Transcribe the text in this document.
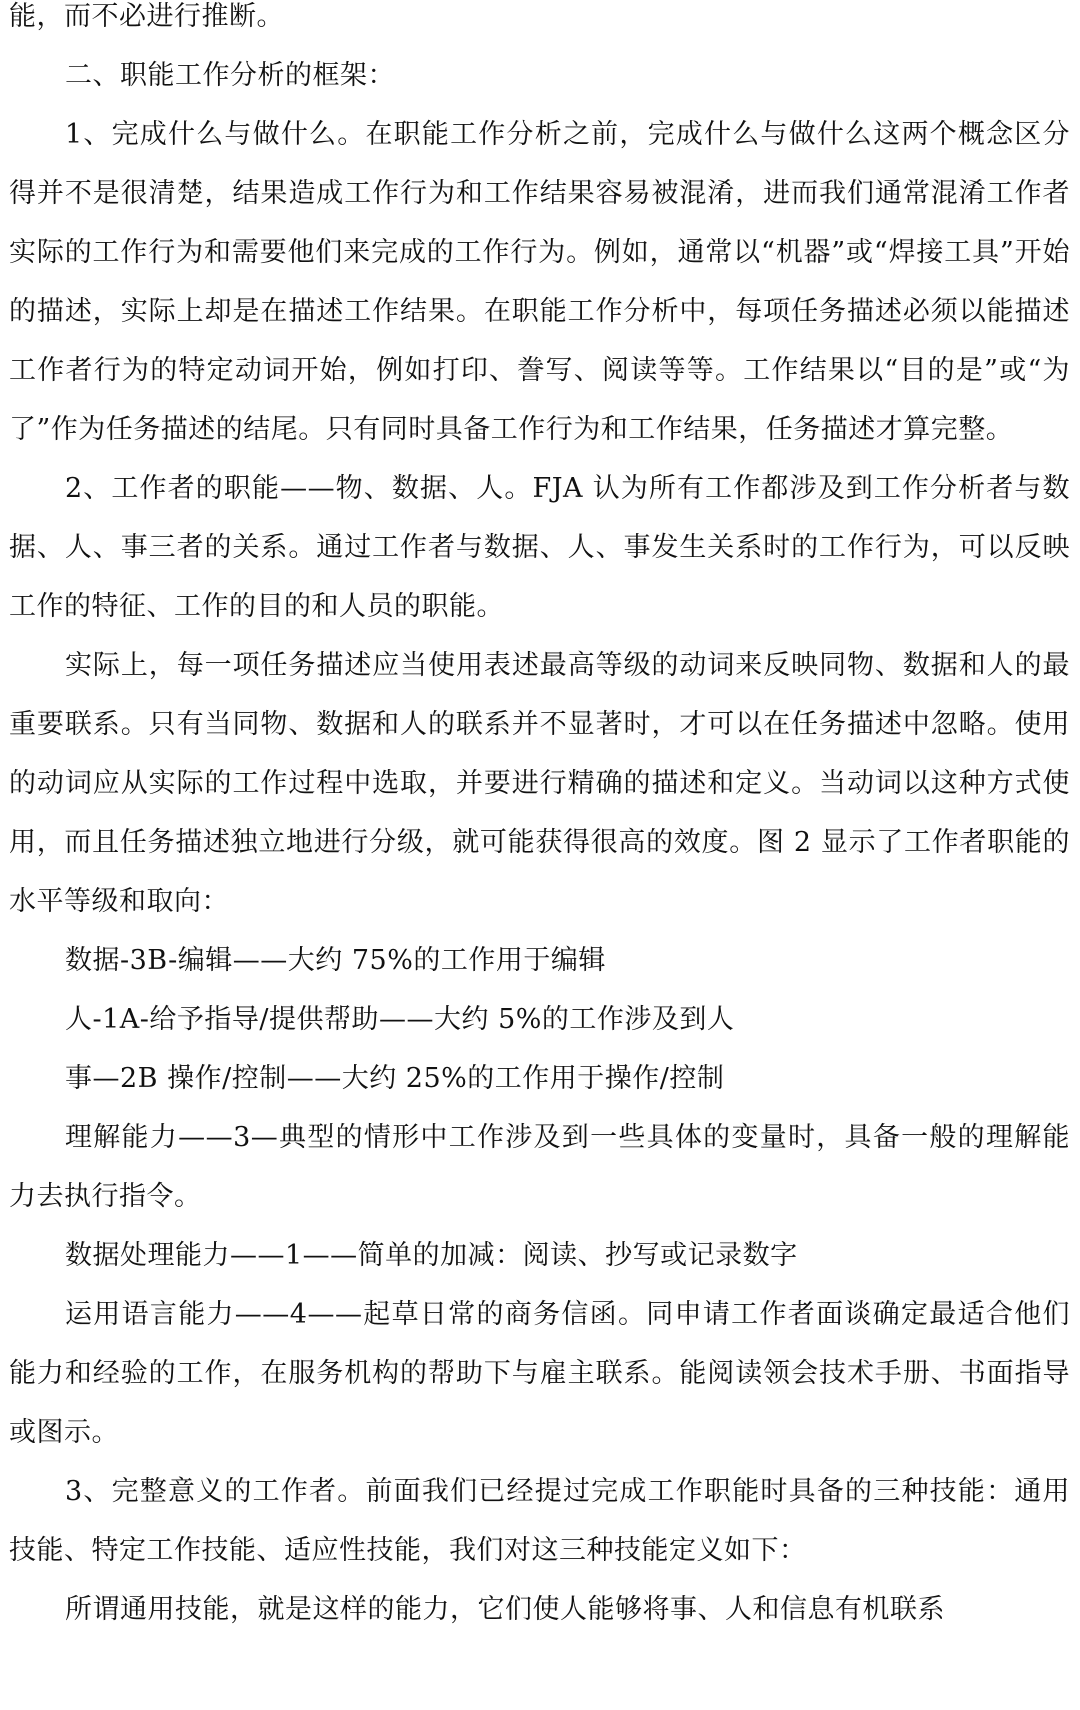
能，而不必进行推断。

二、职能工作分析的框架：

1、完成什么与做什么。在职能工作分析之前，完成什么与做什么这两个概念区分得并不是很清楚，结果造成工作行为和工作结果容易被混淆，进而我们通常混淆工作者实际的工作行为和需要他们来完成的工作行为。例如，通常以“机器”或“焊接工具”开始的描述，实际上却是在描述工作结果。在职能工作分析中，每项任务描述必须以能描述工作者行为的特定动词开始，例如打印、誊写、阅读等等。工作结果以“目的是”或“为了”作为任务描述的结尾。只有同时具备工作行为和工作结果，任务描述才算完整。

2、工作者的职能——物、数据、人。FJA 认为所有工作都涉及到工作分析者与数据、人、事三者的关系。通过工作者与数据、人、事发生关系时的工作行为，可以反映工作的特征、工作的目的和人员的职能。

实际上，每一项任务描述应当使用表述最高等级的动词来反映同物、数据和人的最重要联系。只有当同物、数据和人的联系并不显著时，才可以在任务描述中忽略。使用的动词应从实际的工作过程中选取，并要进行精确的描述和定义。当动词以这种方式使用，而且任务描述独立地进行分级，就可能获得很高的效度。图 2 显示了工作者职能的水平等级和取向：

数据-3B-编辑——大约 75%的工作用于编辑

人-1A-给予指导/提供帮助——大约 5%的工作涉及到人

事—2B 操作/控制——大约 25%的工作用于操作/控制

理解能力——3—典型的情形中工作涉及到一些具体的变量时，具备一般的理解能力去执行指令。

数据处理能力——1——简单的加减：阅读、抄写或记录数字

运用语言能力——4——起草日常的商务信函。同申请工作者面谈确定最适合他们能力和经验的工作，在服务机构的帮助下与雇主联系。能阅读领会技术手册、书面指导或图示。

3、完整意义的工作者。前面我们已经提过完成工作职能时具备的三种技能：通用技能、特定工作技能、适应性技能，我们对这三种技能定义如下：

所谓通用技能，就是这样的能力，它们使人能够将事、人和信息有机联系
